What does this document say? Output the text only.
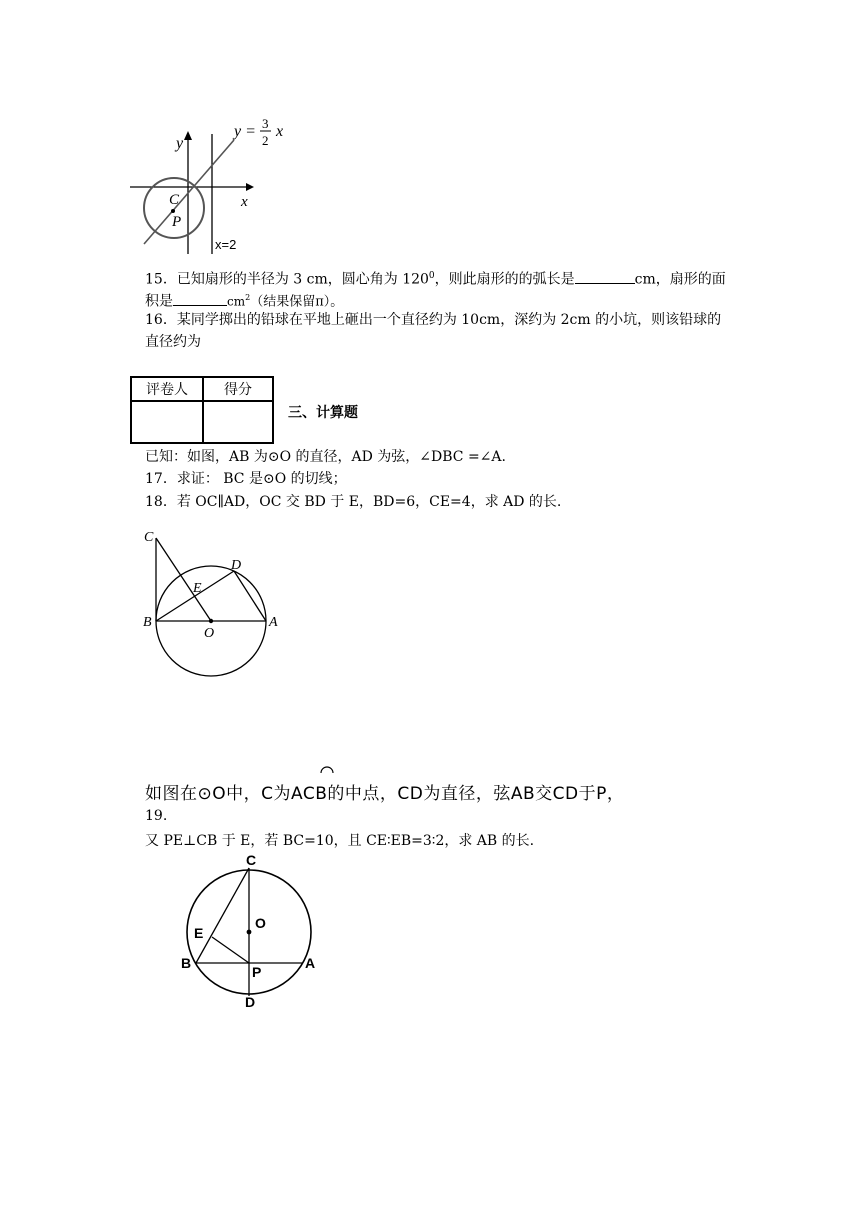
y
x
C
P
x=2
y = 3
2
x
15．已知扇形的半径为 3 cm，圆心角为 $120^0$，则此扇形的的弧长是	cm，扇形的面
积是	$cm^2$（结果保留π）。
16．某同学掷出的铅球在平地上砸出一个直径约为 10cm，深约为 2cm 的小坑，则该铅球的
直径约为
评卷人	得分

三、计算题
已知：如图，AB 为⊙O 的直径，AD 为弦，∠DBC =∠A.
17．求证： BC 是⊙O 的切线；
18．若 OC∥AD，OC 交 BD 于 E，BD=6，CE=4，求 AD 的长.
C
D
E
B
O
A
如图在⊙O中，C为ACB的中点，CD为直径，弦AB交CD于P，
19.
又 PE⊥CB 于 E，若 BC=10，且 CE∶EB=3∶2，求 AB 的长.
C
O
E
B
P
A
D
